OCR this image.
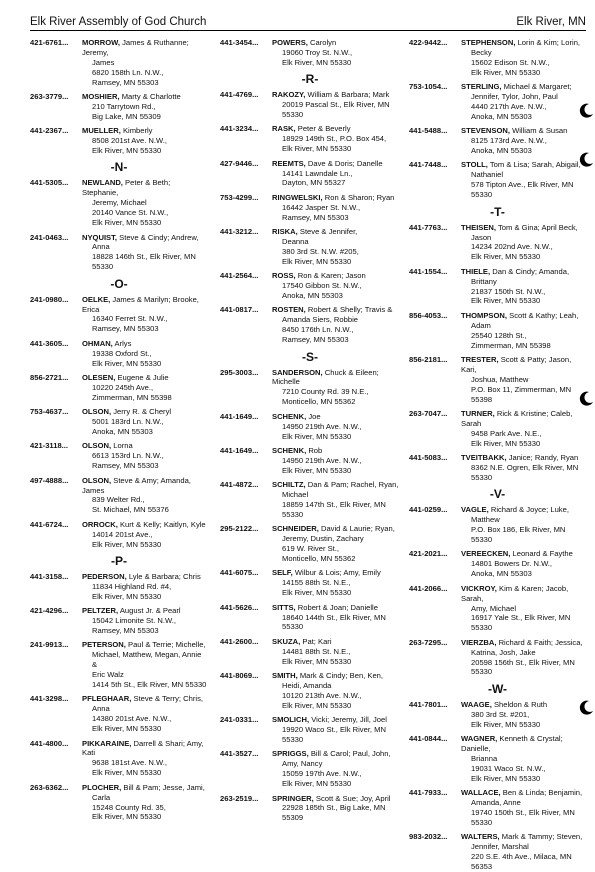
Elk River Assembly of God Church	Elk River, MN
421-6761... MORROW, James & Ruthanne; Jeremy,
James
6820 158th Ln. N.W.,
Ramsey, MN 55303
263-3779... MOSHIER, Marty & Charlotte
210 Tarrytown Rd.,
Big Lake, MN 55309
441-2367... MUELLER, Kimberly
8508 201st Ave. N.W.,
Elk River, MN 55330
-N-
441-5305... NEWLAND, Peter & Beth; Stephanie,
Jeremy, Michael
20140 Vance St. N.W.,
Elk River, MN 55330
241-0463... NYQUIST, Steve & Cindy; Andrew,
Anna
18828 146th St., Elk River, MN 55330
-O-
241-0980... OELKE, James & Marilyn; Brooke, Erica
16340 Ferret St. N.W.,
Ramsey, MN 55303
441-3605... OHMAN, Arlys
19338 Oxford St.,
Elk River, MN 55330
856-2721... OLESEN, Eugene & Julie
10220 245th Ave.,
Zimmerman, MN 55398
753-4637... OLSON, Jerry R. & Cheryl
5001 183rd Ln. N.W.,
Anoka, MN 55303
421-3118... OLSON, Lorna
6613 153rd Ln. N.W.,
Ramsey, MN 55303
497-4888... OLSON, Steve & Amy; Amanda, James
839 Welter Rd.,
St. Michael, MN 55376
441-6724... ORROCK, Kurt & Kelly; Kaitlyn, Kyle
14014 201st Ave.,
Elk River, MN 55330
-P-
441-3158... PEDERSON, Lyle & Barbara; Chris
11834 Highland Rd. #4,
Elk River, MN 55330
421-4296... PELTZER, August Jr. & Pearl
15042 Limonite St. N.W.,
Ramsey, MN 55303
241-9913... PETERSON, Paul & Terrie; Michelle,
Michael, Matthew, Megan, Annie &
Eric Walz
1414 5th St., Elk River, MN 55330
441-3298... PFLEGHAAR, Steve & Terry; Chris,
Anna
14380 201st Ave. N.W.,
Elk River, MN 55330
441-4800... PIKKARAINE, Darrell & Shari; Amy, Kati
9638 181st Ave. N.W.,
Elk River, MN 55330
263-6362... PLOCHER, Bill & Pam; Jesse, Jami,
Carla
15248 County Rd. 35,
Elk River, MN 55330
441-3454... POWERS, Carolyn
19060 Troy St. N.W.,
Elk River, MN 55330
-R-
441-4769... RAKOZY, William & Barbara; Mark
20019 Pascal St., Elk River, MN 55330
441-3234... RASK, Peter & Beverly
18929 149th St., P.O. Box 454,
Elk River, MN 55330
427-9446... REEMTS, Dave & Doris; Danelle
14141 Lawndale Ln.,
Dayton, MN 55327
753-4299... RINGWELSKI, Ron & Sharon; Ryan
16442 Jasper St. N.W.,
Ramsey, MN 55303
441-3212... RISKA, Steve & Jennifer,
Deanna
380 3rd St. N.W. #205,
Elk River, MN 55330
441-2564... ROSS, Ron & Karen; Jason
17540 Gibbon St. N.W.,
Anoka, MN 55303
441-0817... ROSTEN, Robert & Shelly; Travis &
Amanda Siers, Robbie
8450 176th Ln. N.W.,
Ramsey, MN 55303
-S-
295-3003... SANDERSON, Chuck & Eileen; Michelle
7210 County Rd. 39 N.E.,
Monticello, MN 55362
441-1649... SCHENK, Joe
14950 219th Ave. N.W.,
Elk River, MN 55330
441-1649... SCHENK, Rob
14950 219th Ave. N.W.,
Elk River, MN 55330
441-4872... SCHILTZ, Dan & Pam; Rachel, Ryan,
Michael
18859 147th St., Elk River, MN 55330
295-2122... SCHNEIDER, David & Laurie; Ryan,
Jeremy, Dustin, Zachary
619 W. River St.,
Monticello, MN 55362
441-6075... SELF, Wilbur & Lois; Amy, Emily
14155 88th St. N.E.,
Elk River, MN 55330
441-5626... SITTS, Robert & Joan; Danielle
18640 144th St., Elk River, MN 55330
441-2600... SKUZA, Pat; Kari
14481 88th St. N.E.,
Elk River, MN 55330
441-8069... SMITH, Mark & Cindy; Ben, Ken,
Heidi, Amanda
10120 213th Ave. N.W.,
Elk River, MN 55330
241-0331... SMOLICH, Vicki; Jeremy, Jill, Joel
19920 Waco St., Elk River, MN 55330
441-3527... SPRIGGS, Bill & Carol; Paul, John,
Amy, Nancy
15059 197th Ave. N.W.,
Elk River, MN 55330
263-2519... SPRINGER, Scott & Sue; Joy, April
22928 185th St., Big Lake, MN 55309
422-9442... STEPHENSON, Lorin & Kim; Lorin,
Becky
15602 Edison St. N.W.,
Elk River, MN 55330
753-1054... STERLING, Michael & Margaret;
Jennifer, Tylor, John, Paul
4440 217th Ave. N.W.,
Anoka, MN 55303
441-5488... STEVENSON, William & Susan
8125 173rd Ave. N.W.,
Anoka, MN 55303
441-7448... STOLL, Tom & Lisa; Sarah, Abigail,
Nathaniel
578 Tipton Ave., Elk River, MN 55330
-T-
441-7763... THEISEN, Tom & Gina; April Beck,
Jason
14234 202nd Ave. N.W.,
Elk River, MN 55330
441-1554... THIELE, Dan & Cindy; Amanda,
Brittany
21837 150th St. N.W.,
Elk River, MN 55330
856-4053... THOMPSON, Scott & Kathy; Leah,
Adam
25540 128th St.,
Zimmerman, MN 55398
856-2181... TRESTER, Scott & Patty; Jason, Kari,
Joshua, Matthew
P.O. Box 11, Zimmerman, MN 55398
263-7047... TURNER, Rick & Kristine; Caleb, Sarah
9458 Park Ave. N.E.,
Elk River, MN 55330
441-5083... TVEITBAKK, Janice; Randy, Ryan
8362 N.E. Ogren, Elk River, MN 55330
-V-
441-0259... VAGLE, Richard & Joyce; Luke,
Matthew
P.O. Box 186, Elk River, MN 55330
421-2021... VEREECKEN, Leonard & Faythe
14801 Bowers Dr. N.W.,
Anoka, MN 55303
441-2066... VICKROY, Kim & Karen; Jacob, Sarah,
Amy, Michael
16917 Yale St., Elk River, MN 55330
263-7295... VIERZBA, Richard & Faith; Jessica,
Katrina, Josh, Jake
20598 156th St., Elk River, MN 55330
-W-
441-7801... WAAGE, Sheldon & Ruth
380 3rd St. #201,
Elk River, MN 55330
441-0844... WAGNER, Kenneth & Crystal; Danielle,
Brianna
19031 Waco St. N.W.,
Elk River, MN 55330
441-7933... WALLACE, Ben & Linda; Benjamin,
Amanda, Anne
19740 150th St., Elk River, MN 55330
983-2032... WALTERS, Mark & Tammy; Steven,
Jennifer, Marshal
220 S.E. 4th Ave., Milaca, MN 56353
